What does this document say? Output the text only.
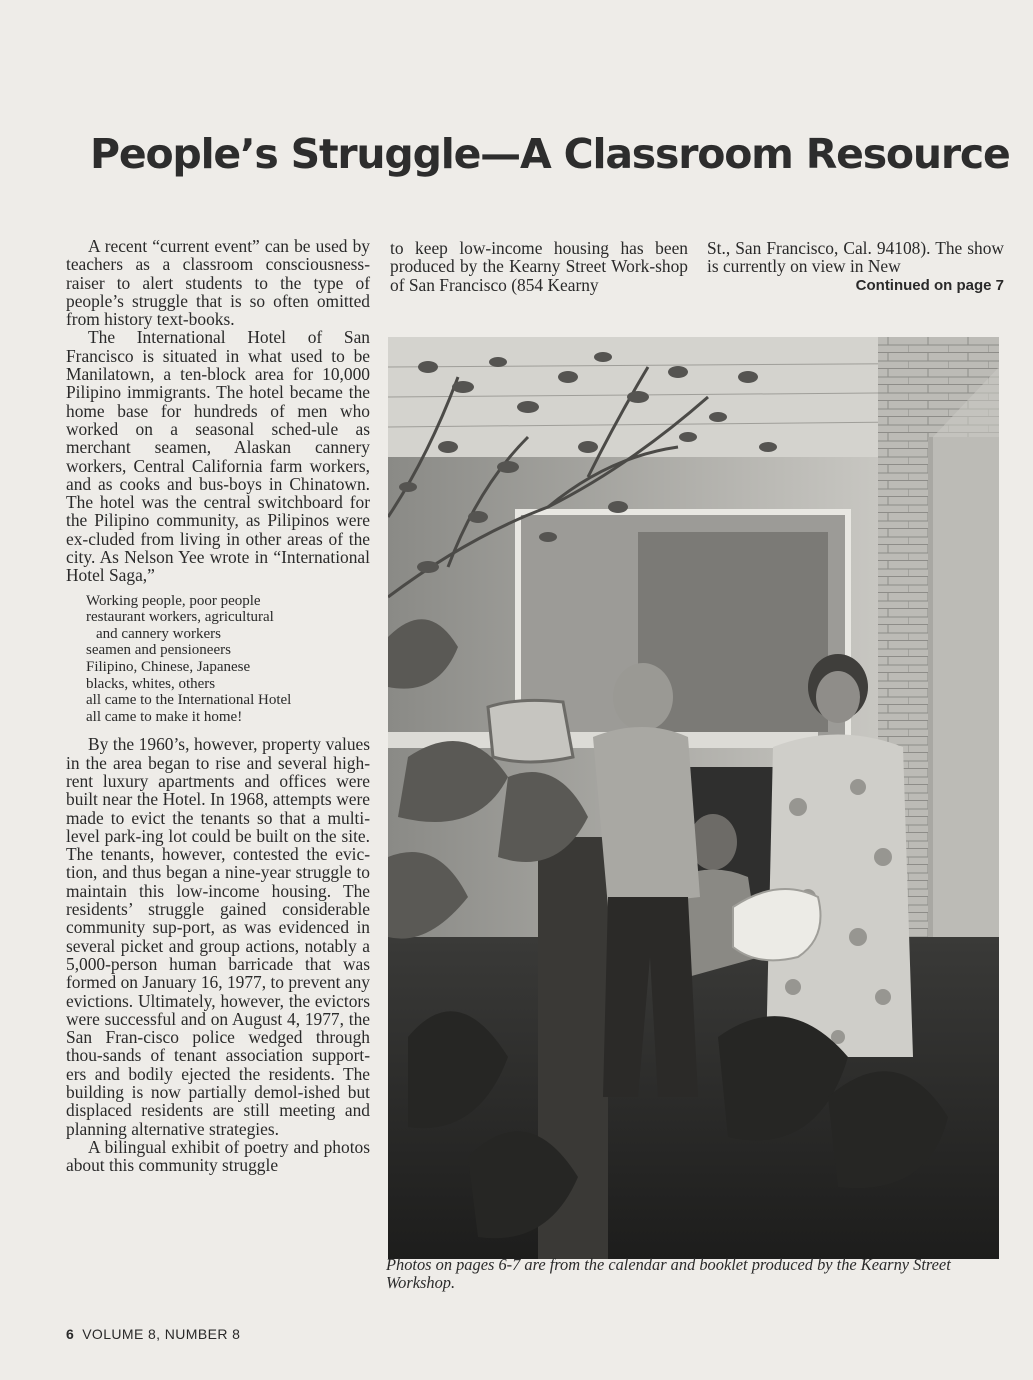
People’s Struggle—A Classroom Resource

A recent “current event” can be used by teachers as a classroom consciousness-raiser to alert students to the type of people’s struggle that is so often omitted from history text-books.

The International Hotel of San Francisco is situated in what used to be Manilatown, a ten-block area for 10,000 Pilipino immigrants. The hotel became the home base for hundreds of men who worked on a seasonal sched-ule as merchant seamen, Alaskan cannery workers, Central California farm workers, and as cooks and bus-boys in Chinatown. The hotel was the central switchboard for the Pilipino community, as Pilipinos were ex-cluded from living in other areas of the city. As Nelson Yee wrote in “International Hotel Saga,”

Working people, poor people
restaurant workers, agricultural
and cannery workers
seamen and pensioneers
Filipino, Chinese, Japanese
blacks, whites, others
all came to the International Hotel
all came to make it home!

By the 1960’s, however, property values in the area began to rise and several high-rent luxury apartments and offices were built near the Hotel. In 1968, attempts were made to evict the tenants so that a multi-level park-ing lot could be built on the site. The tenants, however, contested the evic-tion, and thus began a nine-year struggle to maintain this low-income housing. The residents’ struggle gained considerable community sup-port, as was evidenced in several picket and group actions, notably a 5,000-person human barricade that was formed on January 16, 1977, to prevent any evictions. Ultimately, however, the evictors were successful and on August 4, 1977, the San Fran-cisco police wedged through thou-sands of tenant association support-ers and bodily ejected the residents. The building is now partially demol-ished but displaced residents are still meeting and planning alternative strategies.

A bilingual exhibit of poetry and photos about this community struggle

to keep low-income housing has been produced by the Kearny Street Work-shop of San Francisco (854 Kearny

St., San Francisco, Cal. 94108). The show is currently on view in New

Continued on page 7

Photos on pages 6-7 are from the calendar and booklet produced by the Kearny Street Workshop.

6 VOLUME 8, NUMBER 8
